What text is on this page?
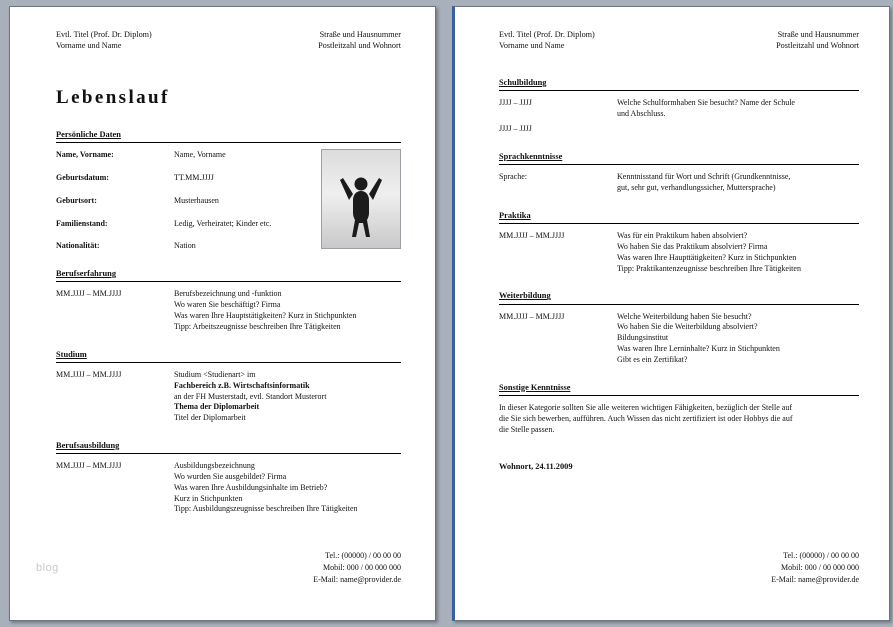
Evtl. Titel (Prof. Dr. Diplom)
Vorname und Name
Straße und Hausnummer
Postleitzahl und Wohnort
Lebenslauf
Persönliche Daten
Name, Vorname:	Name, Vorname
Geburtsdatum:	TT.MM.JJJJ
Geburtsort:	Musterhausen
Familienstand:	Ledig, Verheiratet; Kinder etc.
Nationalität:	Nation
Berufserfahrung
MM.JJJJ – MM.JJJJ	Berufsbezeichnung und -funktion
Wo waren Sie beschäftigt? Firma
Was waren Ihre Hauptstätigkeiten? Kurz in Stichpunkten
Tipp: Arbeitszeugnisse beschreiben Ihre Tätigkeiten
Studium
MM.JJJJ – MM.JJJJ	Studium <Studienart> im
Fachbereich z.B. Wirtschaftsinformatik
an der FH Musterstadt, evtl. Standort Musterort
Thema der Diplomarbeit
Titel der Diplomarbeit
Berufsausbildung
MM.JJJJ – MM.JJJJ	Ausbildungsbezeichnung
Wo wurden Sie ausgebildet? Firma
Was waren Ihre Ausbildungsinhalte im Betrieb?
Kurz in Stichpunkten
Tipp: Ausbildungszeugnisse beschreiben Ihre Tätigkeiten
Tel.: (00000) / 00 00 00
Mobil: 000 / 00 000 000
E-Mail: name@provider.de
blog
Evtl. Titel (Prof. Dr. Diplom)
Vorname und Name
Straße und Hausnummer
Postleitzahl und Wohnort
Schulbildung
JJJJ – JJJJ	Welche Schulformhaben Sie besucht? Name der Schule
und Abschluss.
JJJJ – JJJJ
Sprachkenntnisse
Sprache:	Kenntnisstand für Wort und Schrift (Grundkenntnisse,
gut, sehr gut, verhandlungssicher, Muttersprache)
Praktika
MM.JJJJ – MM.JJJJ	Was für ein Praktikum haben absolviert?
Wo haben Sie das Praktikum absolviert? Firma
Was waren Ihre Haupttätigkeiten? Kurz in Stichpunkten
Tipp: Praktikantenzeugnisse beschreiben Ihre Tätigkeiten
Weiterbildung
MM.JJJJ – MM.JJJJ	Welche Weiterbildung haben Sie besucht?
Wo haben Sie die Weiterbildung absolviert?
Bildungsinstitut
Was waren Ihre Lerninhalte? Kurz in Stichpunkten
Gibt es ein Zertifikat?
Sonstige Kenntnisse
In dieser Kategorie sollten Sie alle weiteren wichtigen Fähigkeiten, bezüglich der Stelle auf
die Sie sich bewerben, aufführen. Auch Wissen das nicht zertifiziert ist oder Hobbys die auf
die Stelle passen.
Wohnort, 24.11.2009
Tel.: (00000) / 00 00 00
Mobil: 000 / 00 000 000
E-Mail: name@provider.de
